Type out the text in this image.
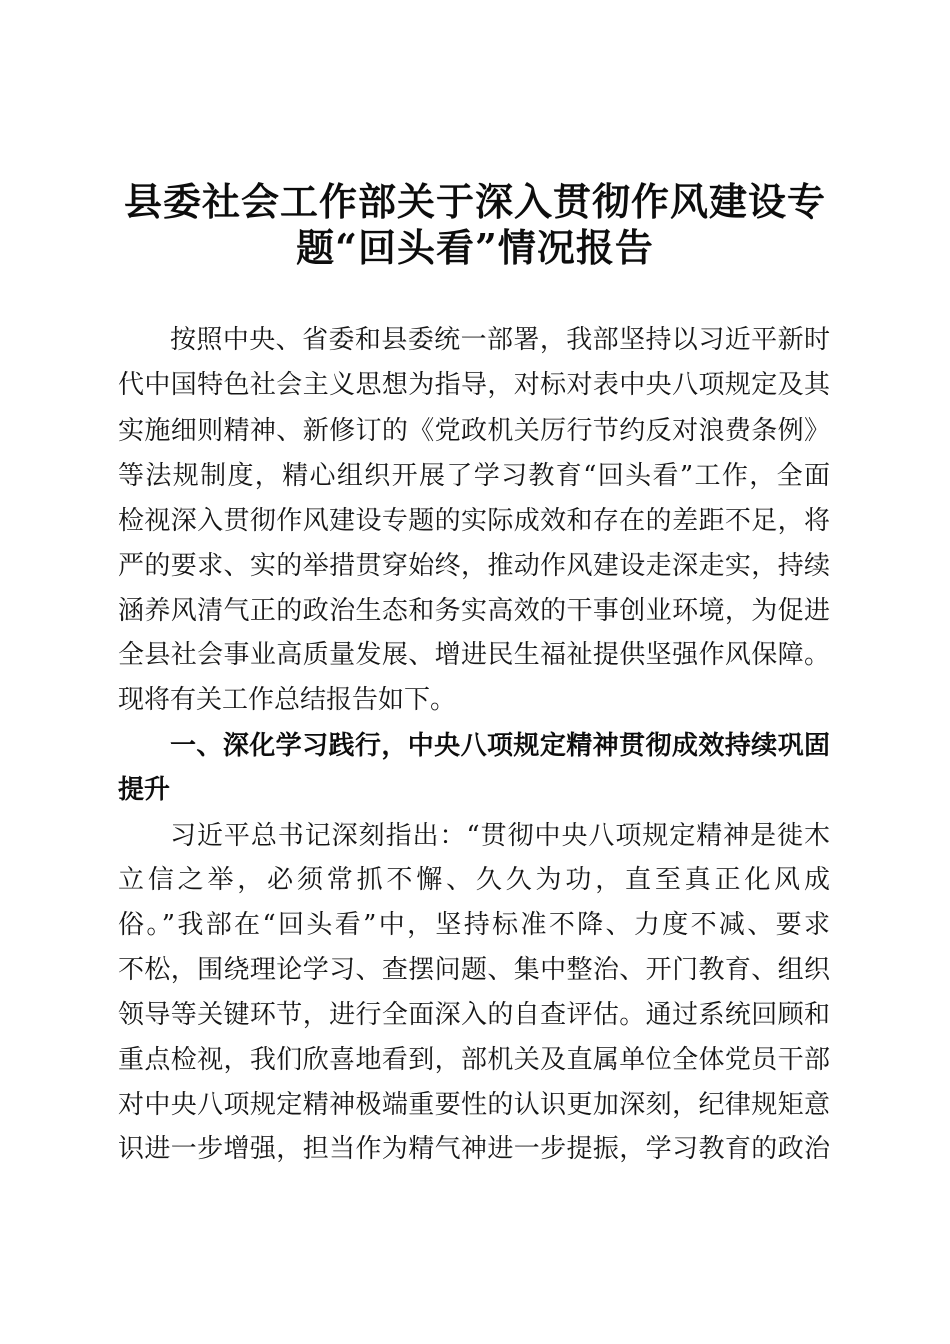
县委社会工作部关于深入贯彻作风建设专
题“回头看”情况报告
按照中央、省委和县委统一部署，我部坚持以习近平新时
代中国特色社会主义思想为指导，对标对表中央八项规定及其
实施细则精神、新修订的《党政机关厉行节约反对浪费条例》
等法规制度，精心组织开展了学习教育“回头看”工作，全面
检视深入贯彻作风建设专题的实际成效和存在的差距不足，将
严的要求、实的举措贯穿始终，推动作风建设走深走实，持续
涵养风清气正的政治生态和务实高效的干事创业环境，为促进
全县社会事业高质量发展、增进民生福祉提供坚强作风保障。
现将有关工作总结报告如下。
一、深化学习践行，中央八项规定精神贯彻成效持续巩固
提升
习近平总书记深刻指出：“贯彻中央八项规定精神是徙木
立信之举，必须常抓不懈、久久为功，直至真正化风成
俗。”我部在“回头看”中，坚持标准不降、力度不减、要求
不松，围绕理论学习、查摆问题、集中整治、开门教育、组织
领导等关键环节，进行全面深入的自查评估。通过系统回顾和
重点检视，我们欣喜地看到，部机关及直属单位全体党员干部
对中央八项规定精神极端重要性的认识更加深刻，纪律规矩意
识进一步增强，担当作为精气神进一步提振，学习教育的政治
